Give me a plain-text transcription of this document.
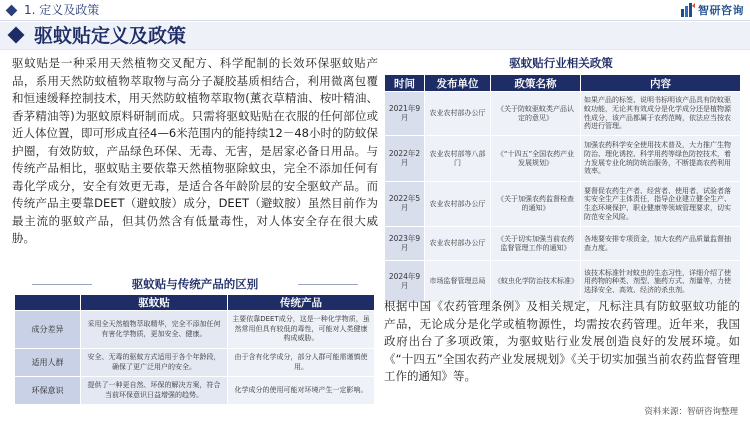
1. 定义及政策	智研咨询
驱蚊贴定义及政策

驱蚊贴是一种采用天然植物交叉配方、科学配制的长效环保驱蚊贴产品，系用天然防蚊植物萃取物与高分子凝胶基质相结合，利用微离包覆和恒速缓释控制技术，用天然防蚊植物萃取物(薰衣草精油、桉叶精油、香茅精油等)为驱蚊原料研制而成。只需将驱蚊贴贴在衣服的任何部位或近人体位置，即可形成直径4—6米范围内的能持续12－48小时的防蚊保护圈，有效防蚊，产品绿色环保、无毒、无害，是居家必备日用品。与传统产品相比，驱蚊贴主要依靠天然植物驱除蚊虫，完全不添加任何有毒化学成分，安全有效更无毒，是适合各年龄阶层的安全驱蚊产品。而传统产品主要靠DEET（避蚊胺）成分，DEET（避蚊胺）虽然目前作为最主流的驱蚊产品，但其仍然含有低量毒性，对人体安全存在很大威胁。

驱蚊贴与传统产品的区别
	驱蚊贴	传统产品
成分差异	采用全天然植物萃取精华，完全不添加任何有害化学物质，更加安全、健康。	主要依靠DEET成分，这是一种化学物质，虽然常用但具有较低的毒性，可能对人类健康构成威胁。
适用人群	安全、无毒的驱蚊方式适用于各个年龄段，确保了更广泛用户的安全。	由于含有化学成分，部分人群可能需谨慎使用。
环保意识	提供了一种更自然、环保的解决方案，符合当前环保意识日益增强的趋势。	化学成分的使用可能对环境产生一定影响。
驱蚊贴行业相关政策
时间	发布单位	政策名称	内容
2021年9月	农业农村部办公厅	《关于防蚊驱蚊类产品认定的意见》	如果产品的标签、说明书标明该产品具有防蚊驱蚊功能，无论其有效成分是化学成分还是植物源性成分，该产品都属于农药范畴，依法应当按农药进行管理。
2022年2月	农业农村部等八部门	《“十四五”全国农药产业发展规划》	加强农药科学安全使用技术普及，大力推广生物防治、理化诱控、科学用药等绿色防控技术，着力发展专业化统防统治服务，不断提高农药利用效率。
2022年5月	农业农村部办公厅	《关于加强农药监督检查的通知》	要督促农药生产者、经营者、使用者，试验者落实安全生产主体责任，指导企业建立健全生产、生态环境保护、职业健康等领域管理要求，切实防范安全风险。
2023年9月	农业农村部办公厅	《关于切实加强当前农药监督管理工作的通知》	各地要安排专项资金，加大农药产品质量监督抽查力度。
2024年9月	市场监督管理总局	《蚊虫化学防治技术标准》	该技术标准针对蚊虫的生态习性，详细介绍了使用药物的种类、剂型、施药方式、剂量等，力使选择安全、高效、经济的杀虫剂。

根据中国《农药管理条例》及相关规定，凡标注具有防蚊驱蚊功能的产品，无论成分是化学或植物源性，均需按农药管理。近年来，我国政府出台了多项政策，为驱蚊贴行业发展创造良好的发展环境。如《“十四五”全国农药产业发展规划》《关于切实加强当前农药监督管理工作的通知》等。

资料来源：智研咨询整理
